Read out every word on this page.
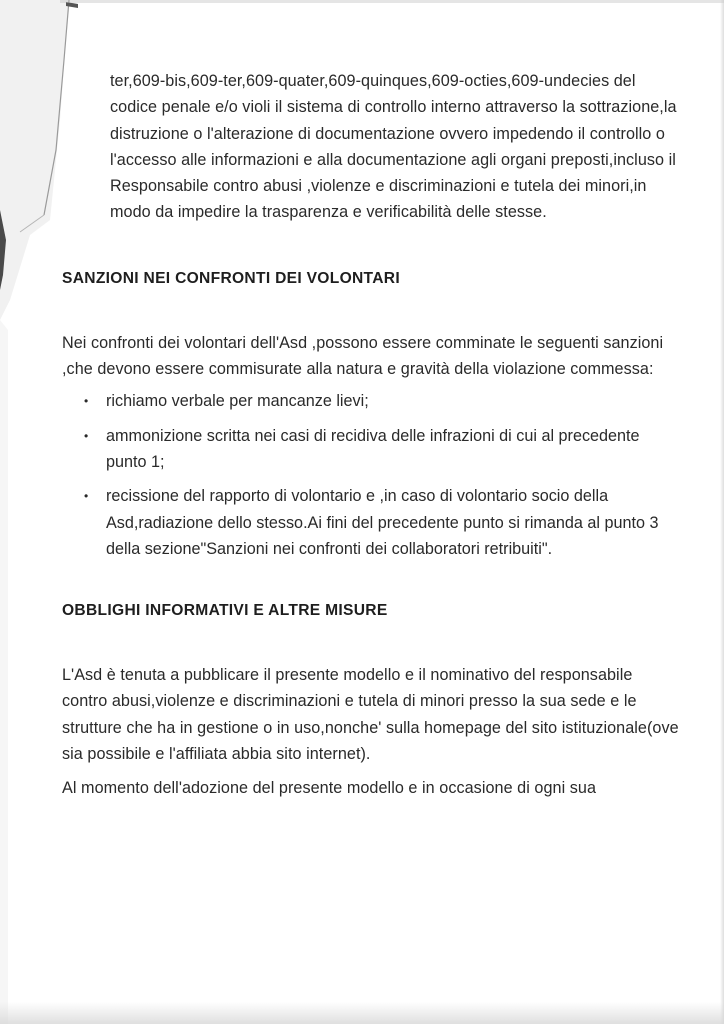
ter,609-bis,609-ter,609-quater,609-quinques,609-octies,609-undecies del codice penale e/o violi il sistema di controllo interno attraverso la sottrazione,la distruzione o l'alterazione di documentazione ovvero impedendo il controllo o l'accesso alle informazioni e alla documentazione agli organi preposti,incluso il Responsabile contro abusi ,violenze e discriminazioni e tutela dei minori,in modo da impedire la trasparenza e verificabilità delle stesse.

SANZIONI NEI CONFRONTI DEI VOLONTARI

Nei confronti dei volontari dell'Asd ,possono essere comminate le seguenti sanzioni ,che devono essere commisurate alla natura e gravità della violazione commessa:

• richiamo verbale per mancanze lievi;
• ammonizione scritta nei casi di recidiva delle infrazioni di cui al precedente punto 1;
• recissione del rapporto di volontario e ,in caso di volontario socio della Asd,radiazione dello stesso.Ai fini del precedente punto si rimanda al punto 3 della sezione"Sanzioni nei confronti dei collaboratori retribuiti".
OBBLIGHI INFORMATIVI E ALTRE MISURE

L'Asd è tenuta a pubblicare il presente modello e il nominativo del responsabile contro abusi,violenze e discriminazioni e tutela di minori presso la sua sede e le strutture che ha in gestione o in uso,nonche' sulla homepage del sito istituzionale(ove sia possibile e l'affiliata abbia sito internet).

Al momento dell'adozione del presente modello e in occasione di ogni sua
